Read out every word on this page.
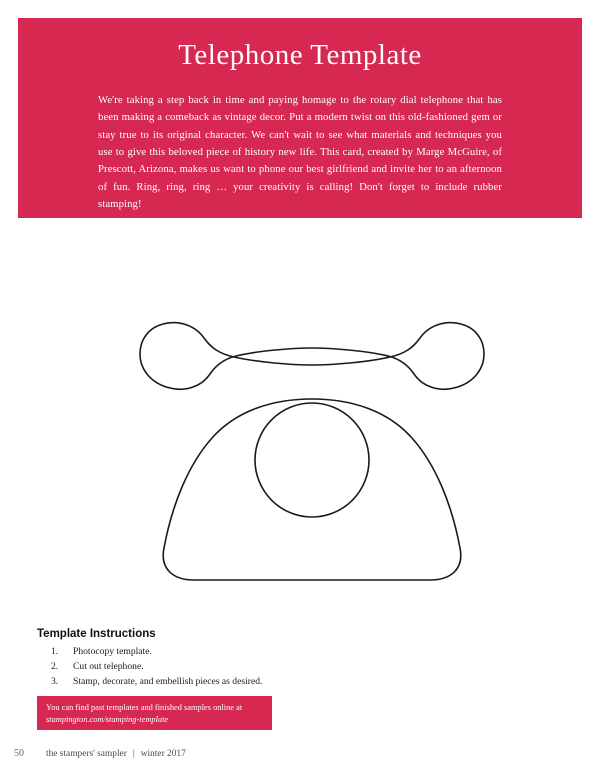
Telephone Template

We're taking a step back in time and paying homage to the rotary dial telephone that has been making a comeback as vintage decor. Put a modern twist on this old-fashioned gem or stay true to its original character. We can't wait to see what materials and techniques you use to give this beloved piece of history new life. This card, created by Marge McGuire, of Prescott, Arizona, makes us want to phone our best girlfriend and invite her to an afternoon of fun. Ring, ring, ring … your creativity is calling! Don't forget to include rubber stamping!

Template Instructions
Photocopy template.
Cut out telephone.
Stamp, decorate, and embellish pieces as desired.

You can find past templates and finished samples online at

stampington.com/stamping-template

50	the stampers' sampler | winter 2017
